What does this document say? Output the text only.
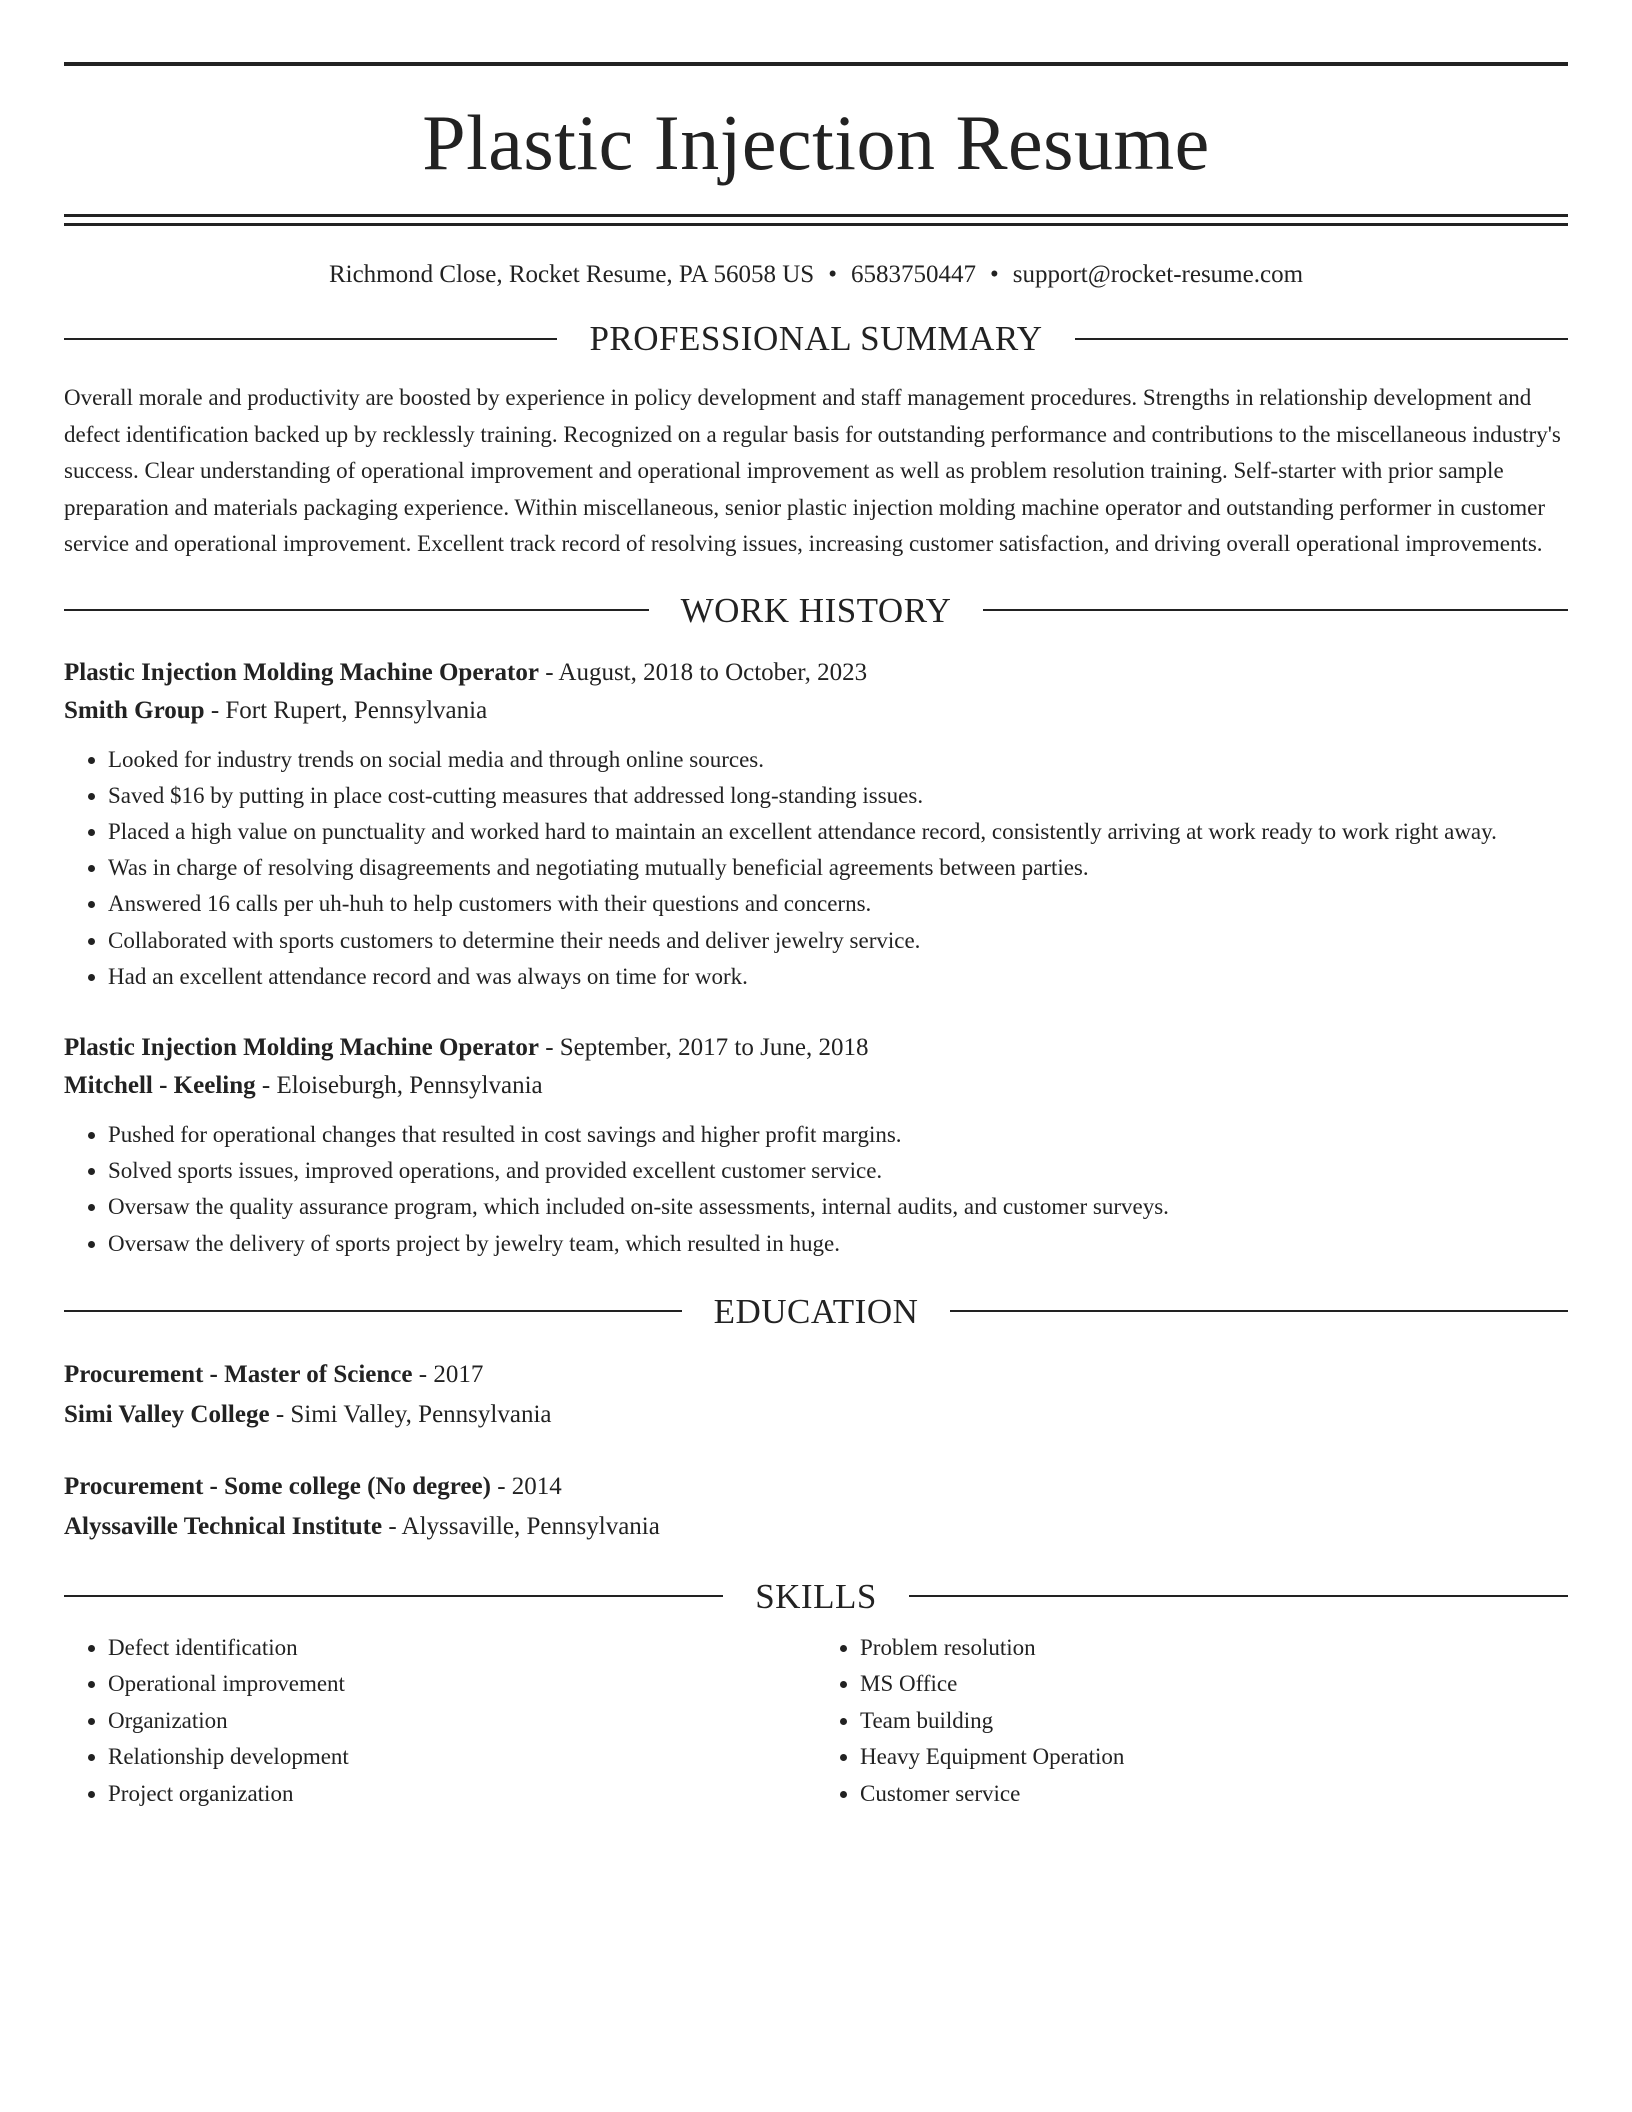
Plastic Injection Resume
Richmond Close, Rocket Resume, PA 56058 US • 6583750447 • support@rocket-resume.com
PROFESSIONAL SUMMARY
Overall morale and productivity are boosted by experience in policy development and staff management procedures. Strengths in relationship development and defect identification backed up by recklessly training. Recognized on a regular basis for outstanding performance and contributions to the miscellaneous industry's success. Clear understanding of operational improvement and operational improvement as well as problem resolution training. Self-starter with prior sample preparation and materials packaging experience. Within miscellaneous, senior plastic injection molding machine operator and outstanding performer in customer service and operational improvement. Excellent track record of resolving issues, increasing customer satisfaction, and driving overall operational improvements.
WORK HISTORY
Plastic Injection Molding Machine Operator - August, 2018 to October, 2023
Smith Group - Fort Rupert, Pennsylvania
• Looked for industry trends on social media and through online sources.
• Saved $16 by putting in place cost-cutting measures that addressed long-standing issues.
• Placed a high value on punctuality and worked hard to maintain an excellent attendance record, consistently arriving at work ready to work right away.
• Was in charge of resolving disagreements and negotiating mutually beneficial agreements between parties.
• Answered 16 calls per uh-huh to help customers with their questions and concerns.
• Collaborated with sports customers to determine their needs and deliver jewelry service.
• Had an excellent attendance record and was always on time for work.
Plastic Injection Molding Machine Operator - September, 2017 to June, 2018
Mitchell - Keeling - Eloiseburgh, Pennsylvania
• Pushed for operational changes that resulted in cost savings and higher profit margins.
• Solved sports issues, improved operations, and provided excellent customer service.
• Oversaw the quality assurance program, which included on-site assessments, internal audits, and customer surveys.
• Oversaw the delivery of sports project by jewelry team, which resulted in huge.
EDUCATION
Procurement - Master of Science - 2017
Simi Valley College - Simi Valley, Pennsylvania
Procurement - Some college (No degree) - 2014
Alyssaville Technical Institute - Alyssaville, Pennsylvania
SKILLS
• Defect identification
• Operational improvement
• Organization
• Relationship development
• Project organization
• Problem resolution
• MS Office
• Team building
• Heavy Equipment Operation
• Customer service
